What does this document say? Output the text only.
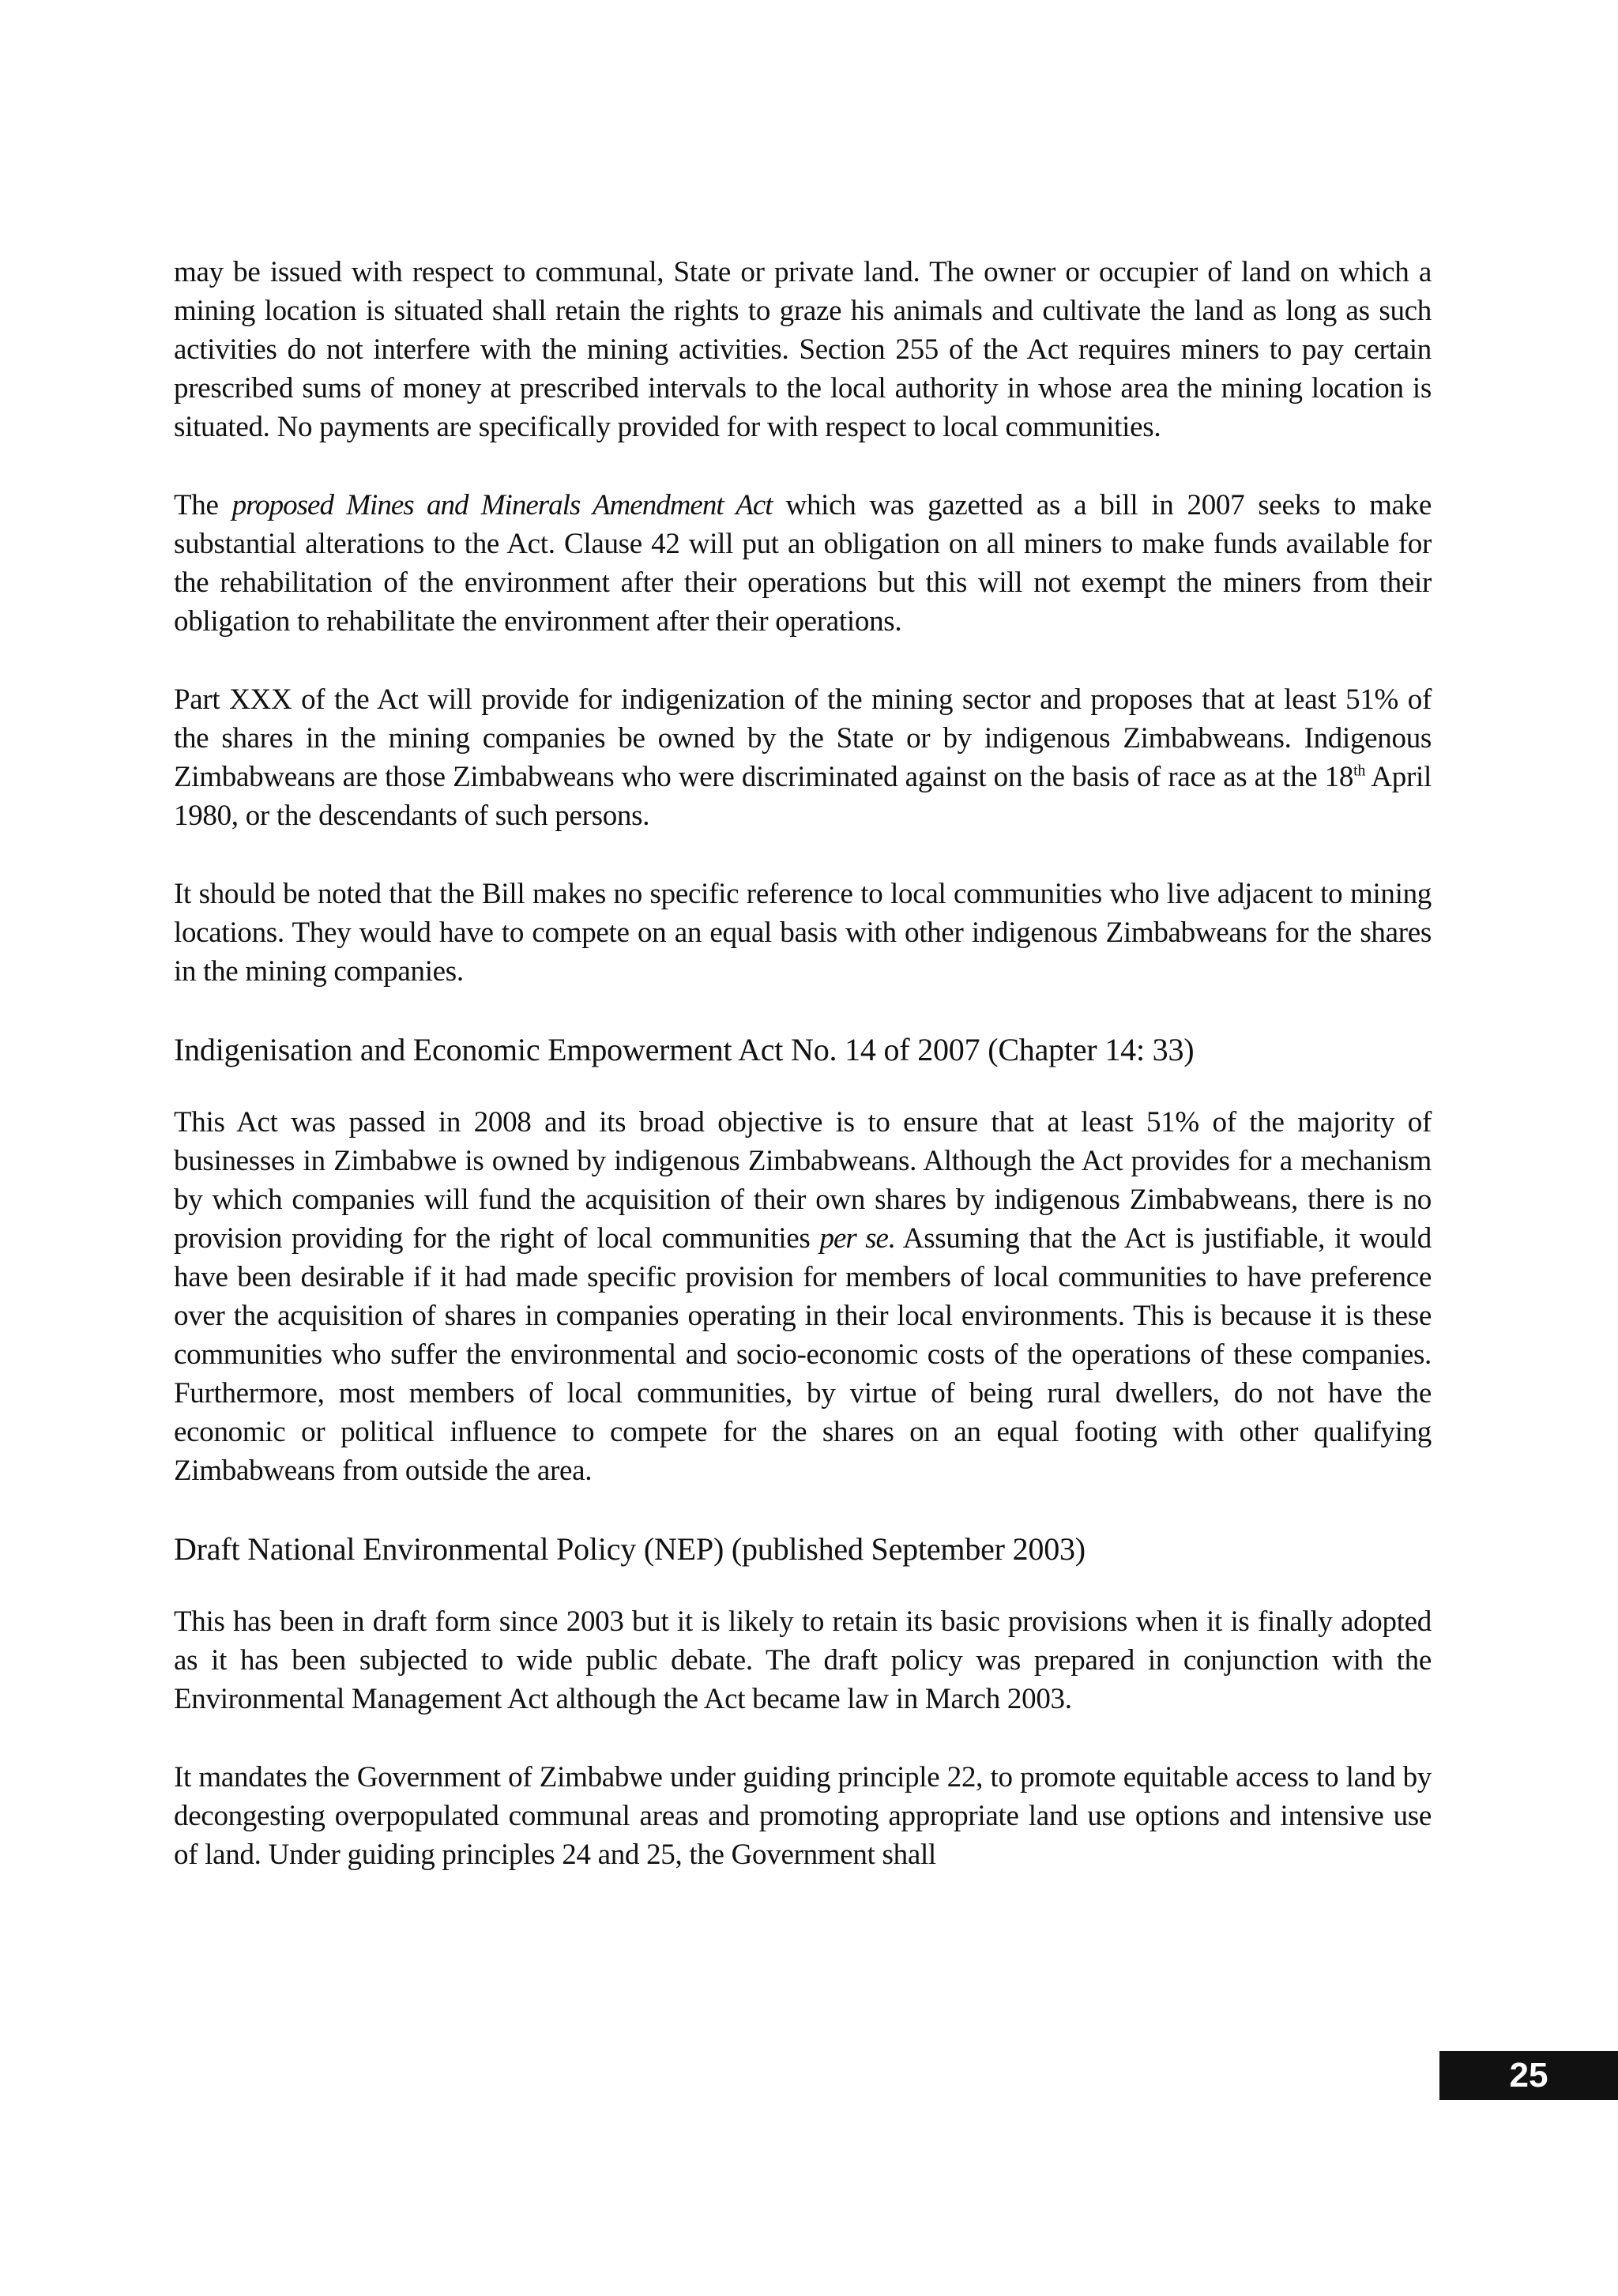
may be issued with respect to communal, State or private land. The owner or occupier of land on which a mining location is situated shall retain the rights to graze his animals and cultivate the land as long as such activities do not interfere with the mining activities. Section 255 of the Act requires miners to pay certain prescribed sums of money at prescribed intervals to the local authority in whose area the mining location is situated. No payments are specifically provided for with respect to local communities.

The proposed Mines and Minerals Amendment Act which was gazetted as a bill in 2007 seeks to make substantial alterations to the Act. Clause 42 will put an obligation on all miners to make funds available for the rehabilitation of the environment after their operations but this will not exempt the miners from their obligation to rehabilitate the environment after their operations.

Part XXX of the Act will provide for indigenization of the mining sector and proposes that at least 51% of the shares in the mining companies be owned by the State or by indigenous Zimbabweans. Indigenous Zimbabweans are those Zimbabweans who were discriminated against on the basis of race as at the 18th April 1980, or the descendants of such persons.

It should be noted that the Bill makes no specific reference to local communities who live adjacent to mining locations. They would have to compete on an equal basis with other indigenous Zimbabweans for the shares in the mining companies.

Indigenisation and Economic Empowerment Act No. 14 of 2007 (Chapter 14: 33)

This Act was passed in 2008 and its broad objective is to ensure that at least 51% of the majority of businesses in Zimbabwe is owned by indigenous Zimbabweans. Although the Act provides for a mechanism by which companies will fund the acquisition of their own shares by indigenous Zimbabweans, there is no provision providing for the right of local communities per se. Assuming that the Act is justifiable, it would have been desirable if it had made specific provision for members of local communities to have preference over the acquisition of shares in companies operating in their local environments. This is because it is these communities who suffer the environmental and socio-economic costs of the operations of these companies. Furthermore, most members of local communities, by virtue of being rural dwellers, do not have the economic or political influence to compete for the shares on an equal footing with other qualifying Zimbabweans from outside the area.

Draft National Environmental Policy (NEP) (published September 2003)

This has been in draft form since 2003 but it is likely to retain its basic provisions when it is finally adopted as it has been subjected to wide public debate. The draft policy was prepared in conjunction with the Environmental Management Act although the Act became law in March 2003.

It mandates the Government of Zimbabwe under guiding principle 22, to promote equitable access to land by decongesting overpopulated communal areas and promoting appropriate land use options and intensive use of land. Under guiding principles 24 and 25, the Government shall

25
